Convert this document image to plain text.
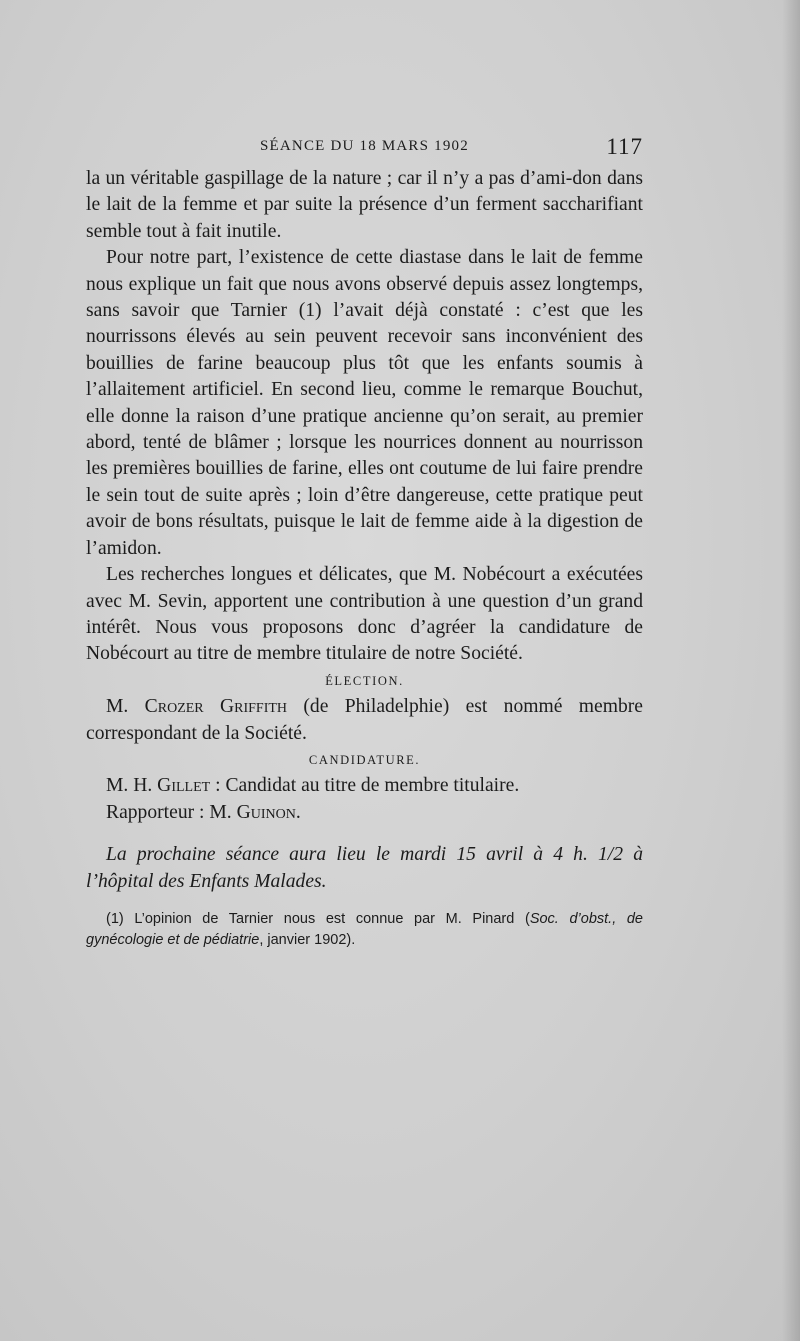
SÉANCE DU 18 MARS 1902	117

la un véritable gaspillage de la nature ; car il n’y a pas d’ami-don dans le lait de la femme et par suite la présence d’un ferment saccharifiant semble tout à fait inutile.

Pour notre part, l’existence de cette diastase dans le lait de femme nous explique un fait que nous avons observé depuis assez longtemps, sans savoir que Tarnier (1) l’avait déjà constaté : c’est que les nourrissons élevés au sein peuvent recevoir sans inconvénient des bouillies de farine beaucoup plus tôt que les enfants soumis à l’allaitement artificiel. En second lieu, comme le remarque Bouchut, elle donne la raison d’une pratique ancienne qu’on serait, au premier abord, tenté de blâmer ; lorsque les nourrices donnent au nourrisson les premières bouillies de farine, elles ont coutume de lui faire prendre le sein tout de suite après ; loin d’être dangereuse, cette pratique peut avoir de bons résultats, puisque le lait de femme aide à la digestion de l’amidon.

Les recherches longues et délicates, que M. Nobécourt a exécutées avec M. Sevin, apportent une contribution à une question d’un grand intérêt. Nous vous proposons donc d’agréer la candidature de Nobécourt au titre de membre titulaire de notre Société.

ÉLECTION.

M. Crozer Griffith (de Philadelphie) est nommé membre correspondant de la Société.

CANDIDATURE.

M. H. Gillet : Candidat au titre de membre titulaire.

Rapporteur : M. Guinon.

La prochaine séance aura lieu le mardi 15 avril à 4 h. 1/2 à l’hôpital des Enfants Malades.

(1) L’opinion de Tarnier nous est connue par M. Pinard (Soc. d’obst., de gynécologie et de pédiatrie, janvier 1902).
